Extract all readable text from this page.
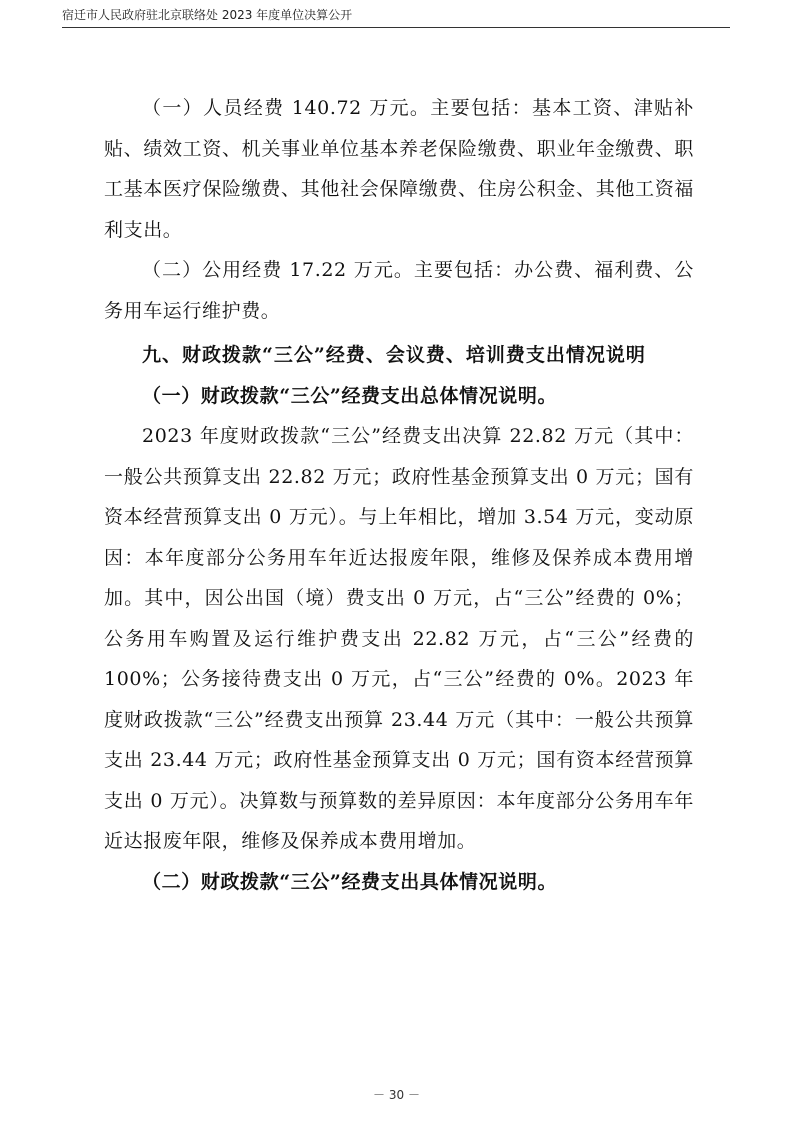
宿迁市人民政府驻北京联络处 2023 年度单位决算公开

（一）人员经费 140.72 万元。主要包括：基本工资、津贴补贴、绩效工资、机关事业单位基本养老保险缴费、职业年金缴费、职工基本医疗保险缴费、其他社会保障缴费、住房公积金、其他工资福利支出。

（二）公用经费 17.22 万元。主要包括：办公费、福利费、公务用车运行维护费。

九、财政拨款“三公”经费、会议费、培训费支出情况说明

（一）财政拨款“三公”经费支出总体情况说明。

2023 年度财政拨款“三公”经费支出决算 22.82 万元（其中：一般公共预算支出 22.82 万元；政府性基金预算支出 0 万元；国有资本经营预算支出 0 万元）。与上年相比，增加 3.54 万元，变动原因：本年度部分公务用车年近达报废年限，维修及保养成本费用增加。其中，因公出国（境）费支出 0 万元，占“三公”经费的 0%；公务用车购置及运行维护费支出 22.82 万元，占“三公”经费的 100%；公务接待费支出 0 万元，占“三公”经费的 0%。2023 年度财政拨款“三公”经费支出预算 23.44 万元（其中：一般公共预算支出 23.44 万元；政府性基金预算支出 0 万元；国有资本经营预算支出 0 万元）。决算数与预算数的差异原因：本年度部分公务用车年近达报废年限，维修及保养成本费用增加。

（二）财政拨款“三公”经费支出具体情况说明。

－ 30 －
